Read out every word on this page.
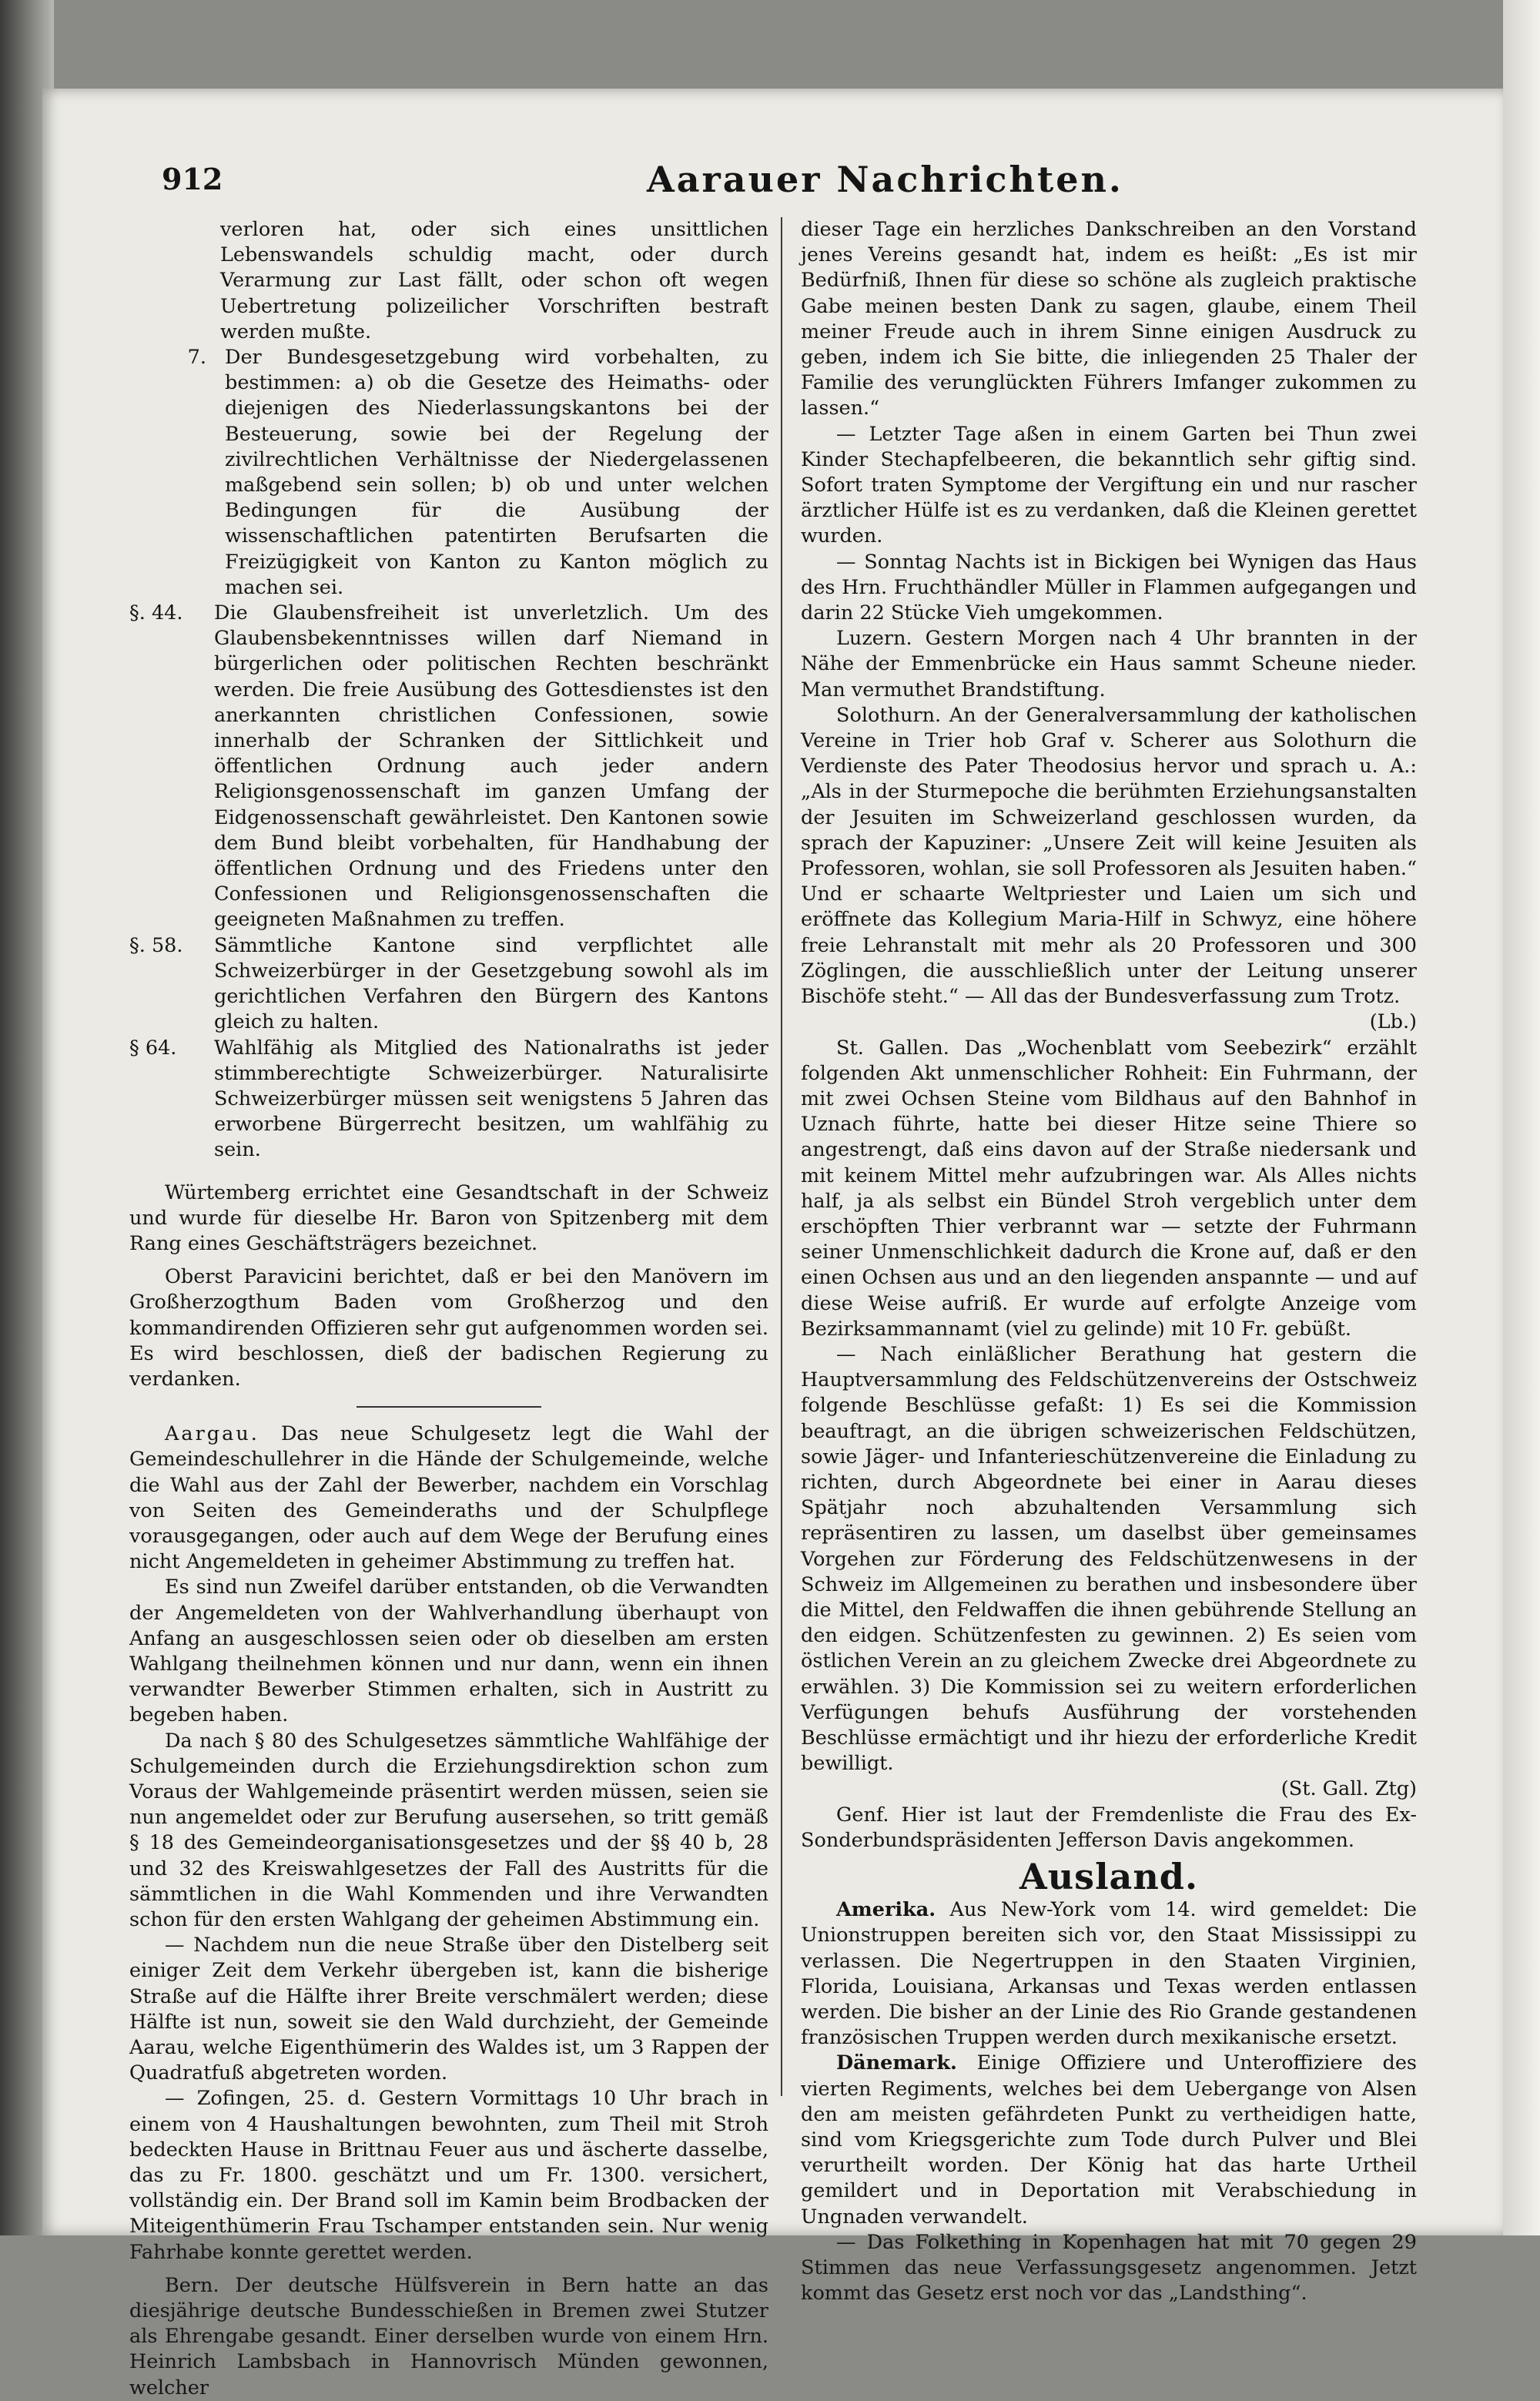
912	Aarauer Nachrichten.

verloren hat, oder sich eines unsittlichen Lebenswandels schuldig macht, oder durch Verarmung zur Last fällt, oder schon oft wegen Uebertretung polizeilicher Vorschriften bestraft werden mußte.

7. Der Bundesgesetzgebung wird vorbehalten, zu bestimmen: a) ob die Gesetze des Heimaths- oder diejenigen des Niederlassungskantons bei der Besteuerung, sowie bei der Regelung der zivilrechtlichen Verhältnisse der Niedergelassenen maßgebend sein sollen; b) ob und unter welchen Bedingungen für die Ausübung der wissenschaftlichen patentirten Berufsarten die Freizügigkeit von Kanton zu Kanton möglich zu machen sei.

§. 44.	Die Glaubensfreiheit ist unverletzlich. Um des Glaubensbekenntnisses willen darf Niemand in bürgerlichen oder politischen Rechten beschränkt werden. Die freie Ausübung des Gottesdienstes ist den anerkannten christlichen Confessionen, sowie innerhalb der Schranken der Sittlichkeit und öffentlichen Ordnung auch jeder andern Religionsgenossenschaft im ganzen Umfang der Eidgenossenschaft gewährleistet. Den Kantonen sowie dem Bund bleibt vorbehalten, für Handhabung der öffentlichen Ordnung und des Friedens unter den Confessionen und Religionsgenossenschaften die geeigneten Maßnahmen zu treffen.

§. 58.	Sämmtliche Kantone sind verpflichtet alle Schweizerbürger in der Gesetzgebung sowohl als im gerichtlichen Verfahren den Bürgern des Kantons gleich zu halten.

§ 64.	Wahlfähig als Mitglied des Nationalraths ist jeder stimmberechtigte Schweizerbürger. Naturalisirte Schweizerbürger müssen seit wenigstens 5 Jahren das erworbene Bürgerrecht besitzen, um wahlfähig zu sein.

Würtemberg errichtet eine Gesandtschaft in der Schweiz und wurde für dieselbe Hr. Baron von Spitzenberg mit dem Rang eines Geschäftsträgers bezeichnet.

Oberst Paravicini berichtet, daß er bei den Manövern im Großherzogthum Baden vom Großherzog und den kommandirenden Offizieren sehr gut aufgenommen worden sei. Es wird beschlossen, dieß der badischen Regierung zu verdanken.

Aargau. Das neue Schulgesetz legt die Wahl der Gemeindeschullehrer in die Hände der Schulgemeinde, welche die Wahl aus der Zahl der Bewerber, nachdem ein Vorschlag von Seiten des Gemeinderaths und der Schulpflege vorausgegangen, oder auch auf dem Wege der Berufung eines nicht Angemeldeten in geheimer Abstimmung zu treffen hat.

Es sind nun Zweifel darüber entstanden, ob die Verwandten der Angemeldeten von der Wahlverhandlung überhaupt von Anfang an ausgeschlossen seien oder ob dieselben am ersten Wahlgang theilnehmen können und nur dann, wenn ein ihnen verwandter Bewerber Stimmen erhalten, sich in Austritt zu begeben haben.

Da nach § 80 des Schulgesetzes sämmtliche Wahlfähige der Schulgemeinden durch die Erziehungsdirektion schon zum Voraus der Wahlgemeinde präsentirt werden müssen, seien sie nun angemeldet oder zur Berufung ausersehen, so tritt gemäß § 18 des Gemeindeorganisationsgesetzes und der §§ 40 b, 28 und 32 des Kreiswahlgesetzes der Fall des Austritts für die sämmtlichen in die Wahl Kommenden und ihre Verwandten schon für den ersten Wahlgang der geheimen Abstimmung ein.

— Nachdem nun die neue Straße über den Distelberg seit einiger Zeit dem Verkehr übergeben ist, kann die bisherige Straße auf die Hälfte ihrer Breite verschmälert werden; diese Hälfte ist nun, soweit sie den Wald durchzieht, der Gemeinde Aarau, welche Eigenthümerin des Waldes ist, um 3 Rappen der Quadratfuß abgetreten worden.

— Zofingen, 25. d. Gestern Vormittags 10 Uhr brach in einem von 4 Haushaltungen bewohnten, zum Theil mit Stroh bedeckten Hause in Brittnau Feuer aus und äscherte dasselbe, das zu Fr. 1800. geschätzt und um Fr. 1300. versichert, vollständig ein. Der Brand soll im Kamin beim Brodbacken der Miteigenthümerin Frau Tschamper entstanden sein. Nur wenig Fahrhabe konnte gerettet werden.

Bern. Der deutsche Hülfsverein in Bern hatte an das diesjährige deutsche Bundesschießen in Bremen zwei Stutzer als Ehrengabe gesandt. Einer derselben wurde von einem Hrn. Heinrich Lambsbach in Hannovrisch Münden gewonnen, welcher

dieser Tage ein herzliches Dankschreiben an den Vorstand jenes Vereins gesandt hat, indem es heißt: „Es ist mir Bedürfniß, Ihnen für diese so schöne als zugleich praktische Gabe meinen besten Dank zu sagen, glaube, einem Theil meiner Freude auch in ihrem Sinne einigen Ausdruck zu geben, indem ich Sie bitte, die inliegenden 25 Thaler der Familie des verunglückten Führers Imfanger zukommen zu lassen.“

— Letzter Tage aßen in einem Garten bei Thun zwei Kinder Stechapfelbeeren, die bekanntlich sehr giftig sind. Sofort traten Symptome der Vergiftung ein und nur rascher ärztlicher Hülfe ist es zu verdanken, daß die Kleinen gerettet wurden.

— Sonntag Nachts ist in Bickigen bei Wynigen das Haus des Hrn. Fruchthändler Müller in Flammen aufgegangen und darin 22 Stücke Vieh umgekommen.

Luzern. Gestern Morgen nach 4 Uhr brannten in der Nähe der Emmenbrücke ein Haus sammt Scheune nieder. Man vermuthet Brandstiftung.

Solothurn. An der Generalversammlung der katholischen Vereine in Trier hob Graf v. Scherer aus Solothurn die Verdienste des Pater Theodosius hervor und sprach u. A.: „Als in der Sturmepoche die berühmten Erziehungsanstalten der Jesuiten im Schweizerland geschlossen wurden, da sprach der Kapuziner: „Unsere Zeit will keine Jesuiten als Professoren, wohlan, sie soll Professoren als Jesuiten haben.“ Und er schaarte Weltpriester und Laien um sich und eröffnete das Kollegium Maria-Hilf in Schwyz, eine höhere freie Lehranstalt mit mehr als 20 Professoren und 300 Zöglingen, die ausschließlich unter der Leitung unserer Bischöfe steht.“ — All das der Bundesverfassung zum Trotz.

(Lb.)

St. Gallen. Das „Wochenblatt vom Seebezirk“ erzählt folgenden Akt unmenschlicher Rohheit: Ein Fuhrmann, der mit zwei Ochsen Steine vom Bildhaus auf den Bahnhof in Uznach führte, hatte bei dieser Hitze seine Thiere so angestrengt, daß eins davon auf der Straße niedersank und mit keinem Mittel mehr aufzubringen war. Als Alles nichts half, ja als selbst ein Bündel Stroh vergeblich unter dem erschöpften Thier verbrannt war — setzte der Fuhrmann seiner Unmenschlichkeit dadurch die Krone auf, daß er den einen Ochsen aus und an den liegenden anspannte — und auf diese Weise aufriß. Er wurde auf erfolgte Anzeige vom Bezirksammannamt (viel zu gelinde) mit 10 Fr. gebüßt.

— Nach einläßlicher Berathung hat gestern die Hauptversammlung des Feldschützenvereins der Ostschweiz folgende Beschlüsse gefaßt: 1) Es sei die Kommission beauftragt, an die übrigen schweizerischen Feldschützen, sowie Jäger- und Infanterieschützenvereine die Einladung zu richten, durch Abgeordnete bei einer in Aarau dieses Spätjahr noch abzuhaltenden Versammlung sich repräsentiren zu lassen, um daselbst über gemeinsames Vorgehen zur Förderung des Feldschützenwesens in der Schweiz im Allgemeinen zu berathen und insbesondere über die Mittel, den Feldwaffen die ihnen gebührende Stellung an den eidgen. Schützenfesten zu gewinnen. 2) Es seien vom östlichen Verein an zu gleichem Zwecke drei Abgeordnete zu erwählen. 3) Die Kommission sei zu weitern erforderlichen Verfügungen behufs Ausführung der vorstehenden Beschlüsse ermächtigt und ihr hiezu der erforderliche Kredit bewilligt.

(St. Gall. Ztg)

Genf. Hier ist laut der Fremdenliste die Frau des Ex-Sonderbundspräsidenten Jefferson Davis angekommen.

Ausland.

Amerika. Aus New-York vom 14. wird gemeldet: Die Unionstruppen bereiten sich vor, den Staat Mississippi zu verlassen. Die Negertruppen in den Staaten Virginien, Florida, Louisiana, Arkansas und Texas werden entlassen werden. Die bisher an der Linie des Rio Grande gestandenen französischen Truppen werden durch mexikanische ersetzt.

Dänemark. Einige Offiziere und Unteroffiziere des vierten Regiments, welches bei dem Uebergange von Alsen den am meisten gefährdeten Punkt zu vertheidigen hatte, sind vom Kriegsgerichte zum Tode durch Pulver und Blei verurtheilt worden. Der König hat das harte Urtheil gemildert und in Deportation mit Verabschiedung in Ungnaden verwandelt.

— Das Folkething in Kopenhagen hat mit 70 gegen 29 Stimmen das neue Verfassungsgesetz angenommen. Jetzt kommt das Gesetz erst noch vor das „Landsthing“.
